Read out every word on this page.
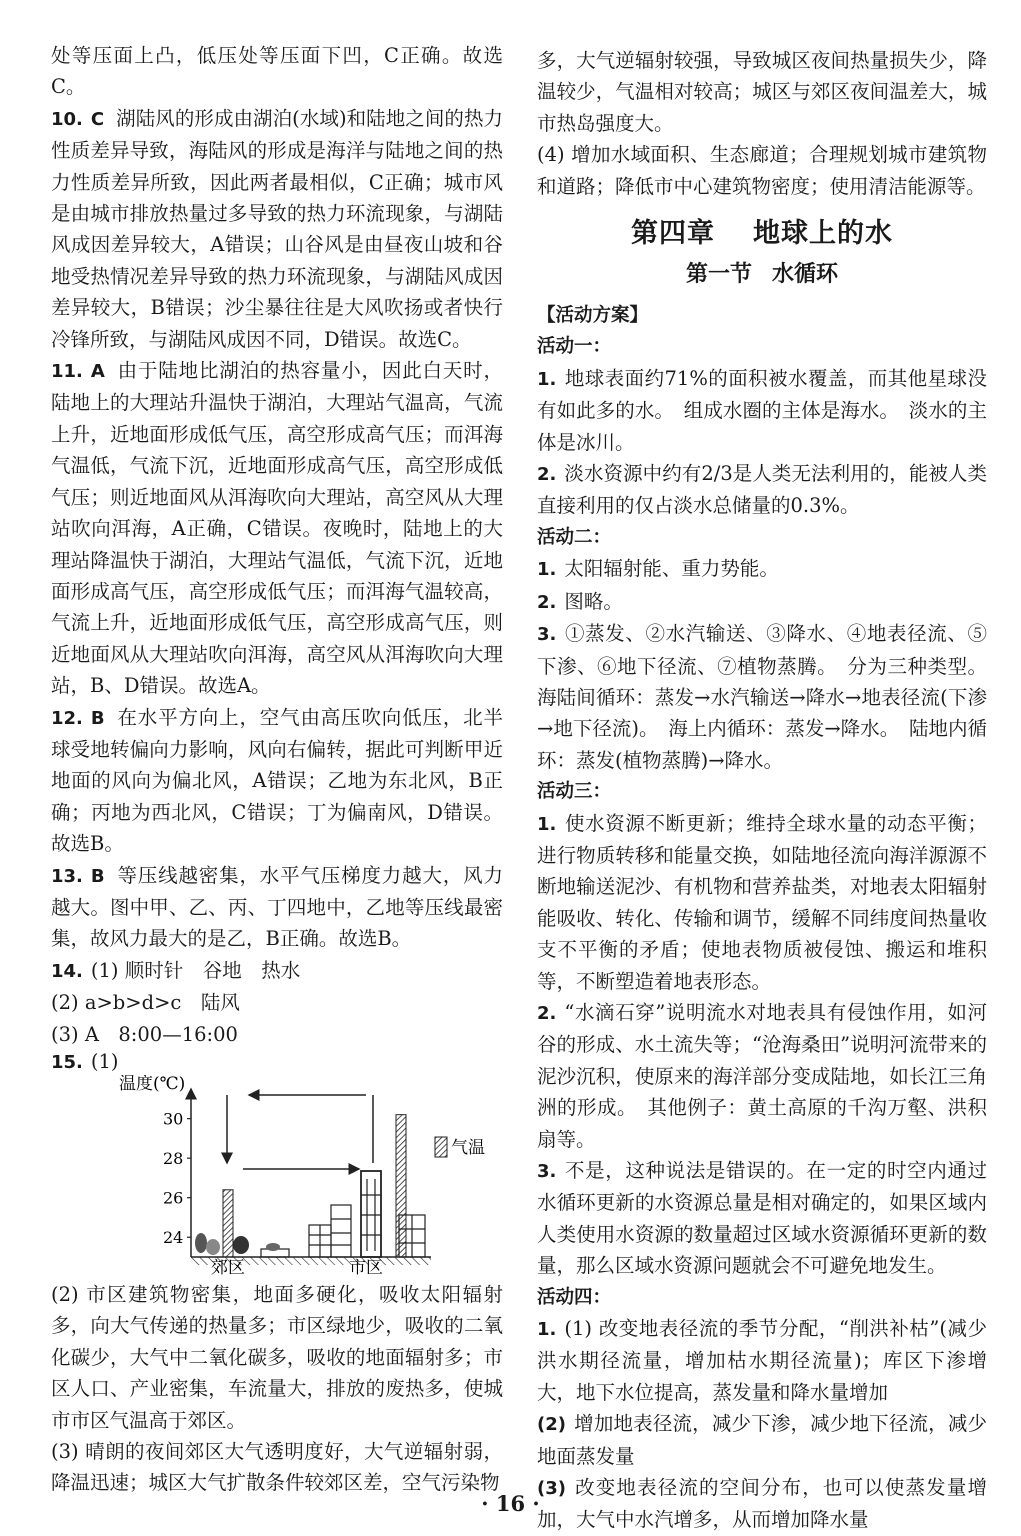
处等压面上凸，低压处等压面下凹，C正确。故选C。

10. C 湖陆风的形成由湖泊(水域)和陆地之间的热力性质差异导致，海陆风的形成是海洋与陆地之间的热力性质差异所致，因此两者最相似，C正确；城市风是由城市排放热量过多导致的热力环流现象，与湖陆风成因差异较大，A错误；山谷风是由昼夜山坡和谷地受热情况差异导致的热力环流现象，与湖陆风成因差异较大，B错误；沙尘暴往往是大风吹扬或者快行冷锋所致，与湖陆风成因不同，D错误。故选C。

11. A 由于陆地比湖泊的热容量小，因此白天时，陆地上的大理站升温快于湖泊，大理站气温高，气流上升，近地面形成低气压，高空形成高气压；而洱海气温低，气流下沉，近地面形成高气压，高空形成低气压；则近地面风从洱海吹向大理站，高空风从大理站吹向洱海，A正确，C错误。夜晚时，陆地上的大理站降温快于湖泊，大理站气温低，气流下沉，近地面形成高气压，高空形成低气压；而洱海气温较高，气流上升，近地面形成低气压，高空形成高气压，则近地面风从大理站吹向洱海，高空风从洱海吹向大理站，B、D错误。故选A。

12. B 在水平方向上，空气由高压吹向低压，北半球受地转偏向力影响，风向右偏转，据此可判断甲近地面的风向为偏北风，A错误；乙地为东北风，B正确；丙地为西北风，C错误；丁为偏南风，D错误。故选B。

13. B 等压线越密集，水平气压梯度力越大，风力越大。图中甲、乙、丙、丁四地中，乙地等压线最密集，故风力最大的是乙，B正确。故选B。

14. (1) 顺时针　谷地　热水

(2) a>b>d>c　陆风

(3) A　8:00—16:00

15. (1)

温度(℃)
24
26
28
30
气温
郊区	市区

(2) 市区建筑物密集，地面多硬化，吸收太阳辐射多，向大气传递的热量多；市区绿地少，吸收的二氧化碳少，大气中二氧化碳多，吸收的地面辐射多；市区人口、产业密集，车流量大，排放的废热多，使城市市区气温高于郊区。

(3) 晴朗的夜间郊区大气透明度好，大气逆辐射弱，降温迅速；城区大气扩散条件较郊区差，空气污染物

多，大气逆辐射较强，导致城区夜间热量损失少，降温较少，气温相对较高；城区与郊区夜间温差大，城市热岛强度大。

(4) 增加水域面积、生态廊道；合理规划城市建筑物和道路；降低市中心建筑物密度；使用清洁能源等。

第四章 地球上的水
第一节 水循环

【活动方案】

活动一：

1. 地球表面约71%的面积被水覆盖，而其他星球没有如此多的水。　组成水圈的主体是海水。　淡水的主体是冰川。

2. 淡水资源中约有2/3是人类无法利用的，能被人类直接利用的仅占淡水总储量的0.3%。

活动二：

1. 太阳辐射能、重力势能。

2. 图略。

3. ①蒸发、②水汽输送、③降水、④地表径流、⑤下渗、⑥地下径流、⑦植物蒸腾。　分为三种类型。海陆间循环：蒸发→水汽输送→降水→地表径流(下渗→地下径流)。　海上内循环：蒸发→降水。　陆地内循环：蒸发(植物蒸腾)→降水。

活动三：

1. 使水资源不断更新；维持全球水量的动态平衡；进行物质转移和能量交换，如陆地径流向海洋源源不断地输送泥沙、有机物和营养盐类，对地表太阳辐射能吸收、转化、传输和调节，缓解不同纬度间热量收支不平衡的矛盾；使地表物质被侵蚀、搬运和堆积等，不断塑造着地表形态。

2. “水滴石穿”说明流水对地表具有侵蚀作用，如河谷的形成、水土流失等；“沧海桑田”说明河流带来的泥沙沉积，使原来的海洋部分变成陆地，如长江三角洲的形成。　其他例子：黄土高原的千沟万壑、洪积扇等。

3. 不是，这种说法是错误的。在一定的时空内通过水循环更新的水资源总量是相对确定的，如果区域内人类使用水资源的数量超过区域水资源循环更新的数量，那么区域水资源问题就会不可避免地发生。

活动四：

1. (1) 改变地表径流的季节分配，“削洪补枯”(减少洪水期径流量，增加枯水期径流量)；库区下渗增大，地下水位提高，蒸发量和降水量增加

(2) 增加地表径流，减少下渗，减少地下径流，减少地面蒸发量

(3) 改变地表径流的空间分布，也可以使蒸发量增加，大气中水汽增多，从而增加降水量

· 16 ·
